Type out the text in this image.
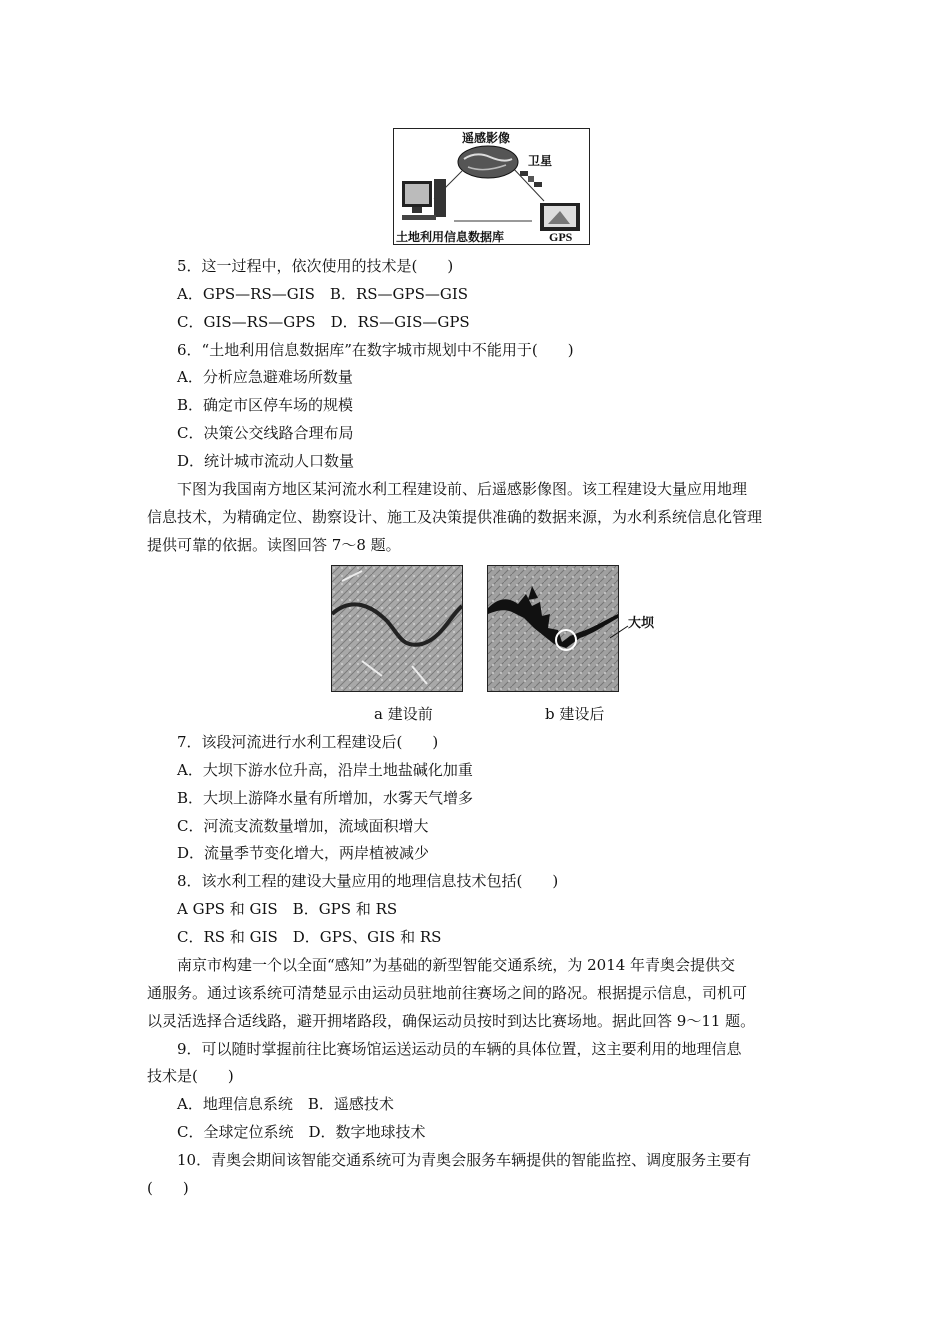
遥感影像
卫星
土地利用信息数据库	GPS
5．这一过程中，依次使用的技术是(　　)
A．GPS—RS—GIS　B．RS—GPS—GIS
C．GIS—RS—GPS　D．RS—GIS—GPS
6．“土地利用信息数据库”在数字城市规划中不能用于(　　)
A．分析应急避难场所数量
B．确定市区停车场的规模
C．决策公交线路合理布局
D．统计城市流动人口数量
下图为我国南方地区某河流水利工程建设前、后遥感影像图。该工程建设大量应用地理
信息技术，为精确定位、勘察设计、施工及决策提供准确的数据来源，为水利系统信息化管理
提供可靠的依据。读图回答 7～8 题。
大坝
a 建设前	b 建设后
7．该段河流进行水利工程建设后(　　)
A．大坝下游水位升高，沿岸土地盐碱化加重
B．大坝上游降水量有所增加，水雾天气增多
C．河流支流数量增加，流域面积增大
D．流量季节变化增大，两岸植被减少
8．该水利工程的建设大量应用的地理信息技术包括(　　)
A GPS 和 GIS　B．GPS 和 RS
C．RS 和 GIS　D．GPS、GIS 和 RS
南京市构建一个以全面“感知”为基础的新型智能交通系统，为 2014 年青奥会提供交
通服务。通过该系统可清楚显示由运动员驻地前往赛场之间的路况。根据提示信息，司机可
以灵活选择合适线路，避开拥堵路段，确保运动员按时到达比赛场地。据此回答 9～11 题。
9．可以随时掌握前往比赛场馆运送运动员的车辆的具体位置，这主要利用的地理信息
技术是(　　)
A．地理信息系统　B．遥感技术
C．全球定位系统　D．数字地球技术
10．青奥会期间该智能交通系统可为青奥会服务车辆提供的智能监控、调度服务主要有
(　　)
